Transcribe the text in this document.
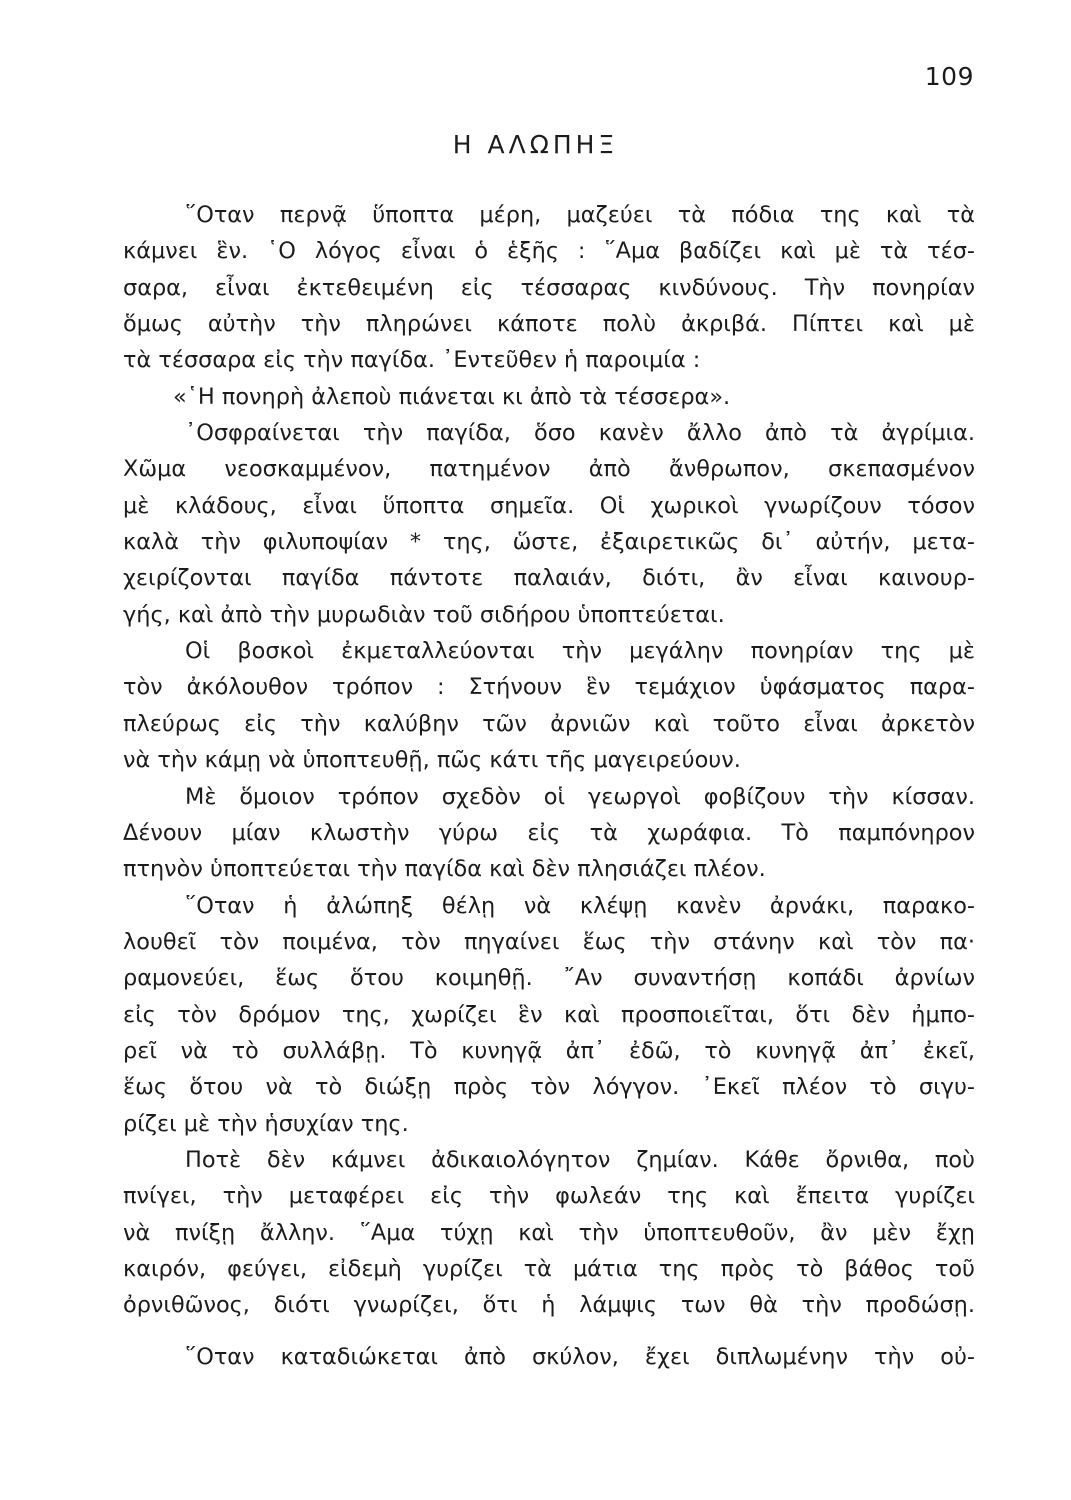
109
Η ΑΛΩΠΗΞ
῞Οταν περνᾷ ὕποπτα μέρη, μαζεύει τὰ πόδια της καὶ τὰ
κάμνει ἓν. ῾Ο λόγος εἶναι ὁ ἑξῆς : ῞Αμα βαδίζει καὶ μὲ τὰ τέσ-
σαρα, εἶναι ἐκτεθειμένη εἰς τέσσαρας κινδύνους. Τὴν πονηρίαν
ὅμως αὐτὴν τὴν πληρώνει κάποτε πολὺ ἀκριβά. Πίπτει καὶ μὲ
τὰ τέσσαρα εἰς τὴν παγίδα. ᾿Εντεῦθεν ἡ παροιμία :
«῾Η πονηρὴ ἀλεποὺ πιάνεται κι ἀπὸ τὰ τέσσερα».
᾿Οσφραίνεται τὴν παγίδα, ὅσο κανὲν ἄλλο ἀπὸ τὰ ἀγρίμια.
Χῶμα νεοσκαμμένον, πατημένον ἀπὸ ἄνθρωπον, σκεπασμένον
μὲ κλάδους, εἶναι ὕποπτα σημεῖα. Οἱ χωρικοὶ γνωρίζουν τόσον
καλὰ τὴν φιλυποψίαν * της, ὥστε, ἐξαιρετικῶς δι᾿ αὐτήν, μετα-
χειρίζονται παγίδα πάντοτε παλαιάν, διότι, ἂν εἶναι καινουρ-
γής, καὶ ἀπὸ τὴν μυρωδιὰν τοῦ σιδήρου ὑποπτεύεται.
Οἱ βοσκοὶ ἐκμεταλλεύονται τὴν μεγάλην πονηρίαν της μὲ
τὸν ἀκόλουθον τρόπον : Στήνουν ἓν τεμάχιον ὑφάσματος παρα-
πλεύρως εἰς τὴν καλύβην τῶν ἀρνιῶν καὶ τοῦτο εἶναι ἀρκετὸν
νὰ τὴν κάμῃ νὰ ὑποπτευθῇ, πῶς κάτι τῆς μαγειρεύουν.
Μὲ ὅμοιον τρόπον σχεδὸν οἱ γεωργοὶ φοβίζουν τὴν κίσσαν.
Δένουν μίαν κλωστὴν γύρω εἰς τὰ χωράφια. Τὸ παμπόνηρον
πτηνὸν ὑποπτεύεται τὴν παγίδα καὶ δὲν πλησιάζει πλέον.
῞Οταν ἡ ἀλώπηξ θέλῃ νὰ κλέψῃ κανὲν ἀρνάκι, παρακο-
λουθεῖ τὸν ποιμένα, τὸν πηγαίνει ἕως τὴν στάνην καὶ τὸν πα·
ραμονεύει, ἕως ὅτου κοιμηθῇ. ῎Αν συναντήσῃ κοπάδι ἀρνίων
εἰς τὸν δρόμον της, χωρίζει ἓν καὶ προσποιεῖται, ὅτι δὲν ἠμπο-
ρεῖ νὰ τὸ συλλάβῃ. Τὸ κυνηγᾷ ἀπ᾿ ἐδῶ, τὸ κυνηγᾷ ἀπ᾿ ἐκεῖ,
ἕως ὅτου νὰ τὸ διώξῃ πρὸς τὸν λόγγον. ᾿Εκεῖ πλέον τὸ σιγυ-
ρίζει μὲ τὴν ἡσυχίαν της.
Ποτὲ δὲν κάμνει ἀδικαιολόγητον ζημίαν. Κάθε ὄρνιθα, ποὺ
πνίγει, τὴν μεταφέρει εἰς τὴν φωλεάν της καὶ ἔπειτα γυρίζει
νὰ πνίξῃ ἄλλην. ῞Αμα τύχῃ καὶ τὴν ὑποπτευθοῦν, ἂν μὲν ἔχῃ
καιρόν, φεύγει, εἰδεμὴ γυρίζει τὰ μάτια της πρὸς τὸ βάθος τοῦ
ὀρνιθῶνος, διότι γνωρίζει, ὅτι ἡ λάμψις των θὰ τὴν προδώσῃ.
῞Οταν καταδιώκεται ἀπὸ σκύλον, ἔχει διπλωμένην τὴν οὐ-
